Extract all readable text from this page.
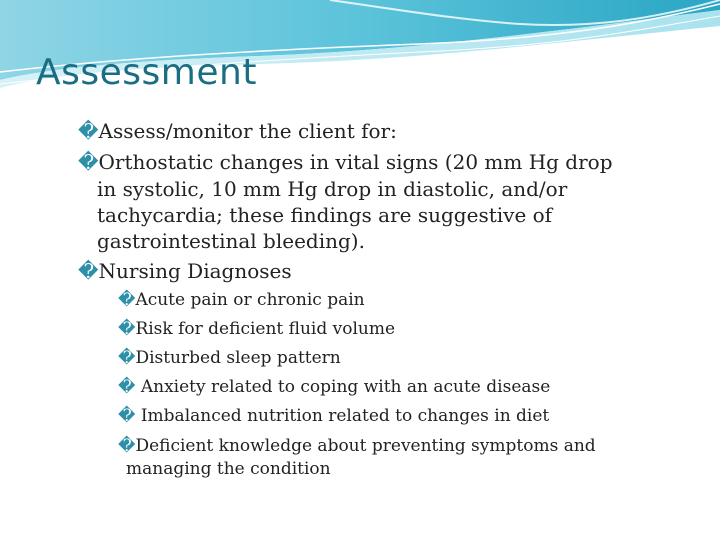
Assessment
�Assess/monitor the client for:
�Orthostatic changes in vital signs (20 mm Hg drop
in systolic, 10 mm Hg drop in diastolic, and/or
tachycardia; these findings are suggestive of
gastrointestinal bleeding).
�Nursing Diagnoses
�Acute pain or chronic pain
�Risk for deficient fluid volume
�Disturbed sleep pattern
� Anxiety related to coping with an acute disease
� Imbalanced nutrition related to changes in diet
�Deficient knowledge about preventing symptoms and
managing the condition
